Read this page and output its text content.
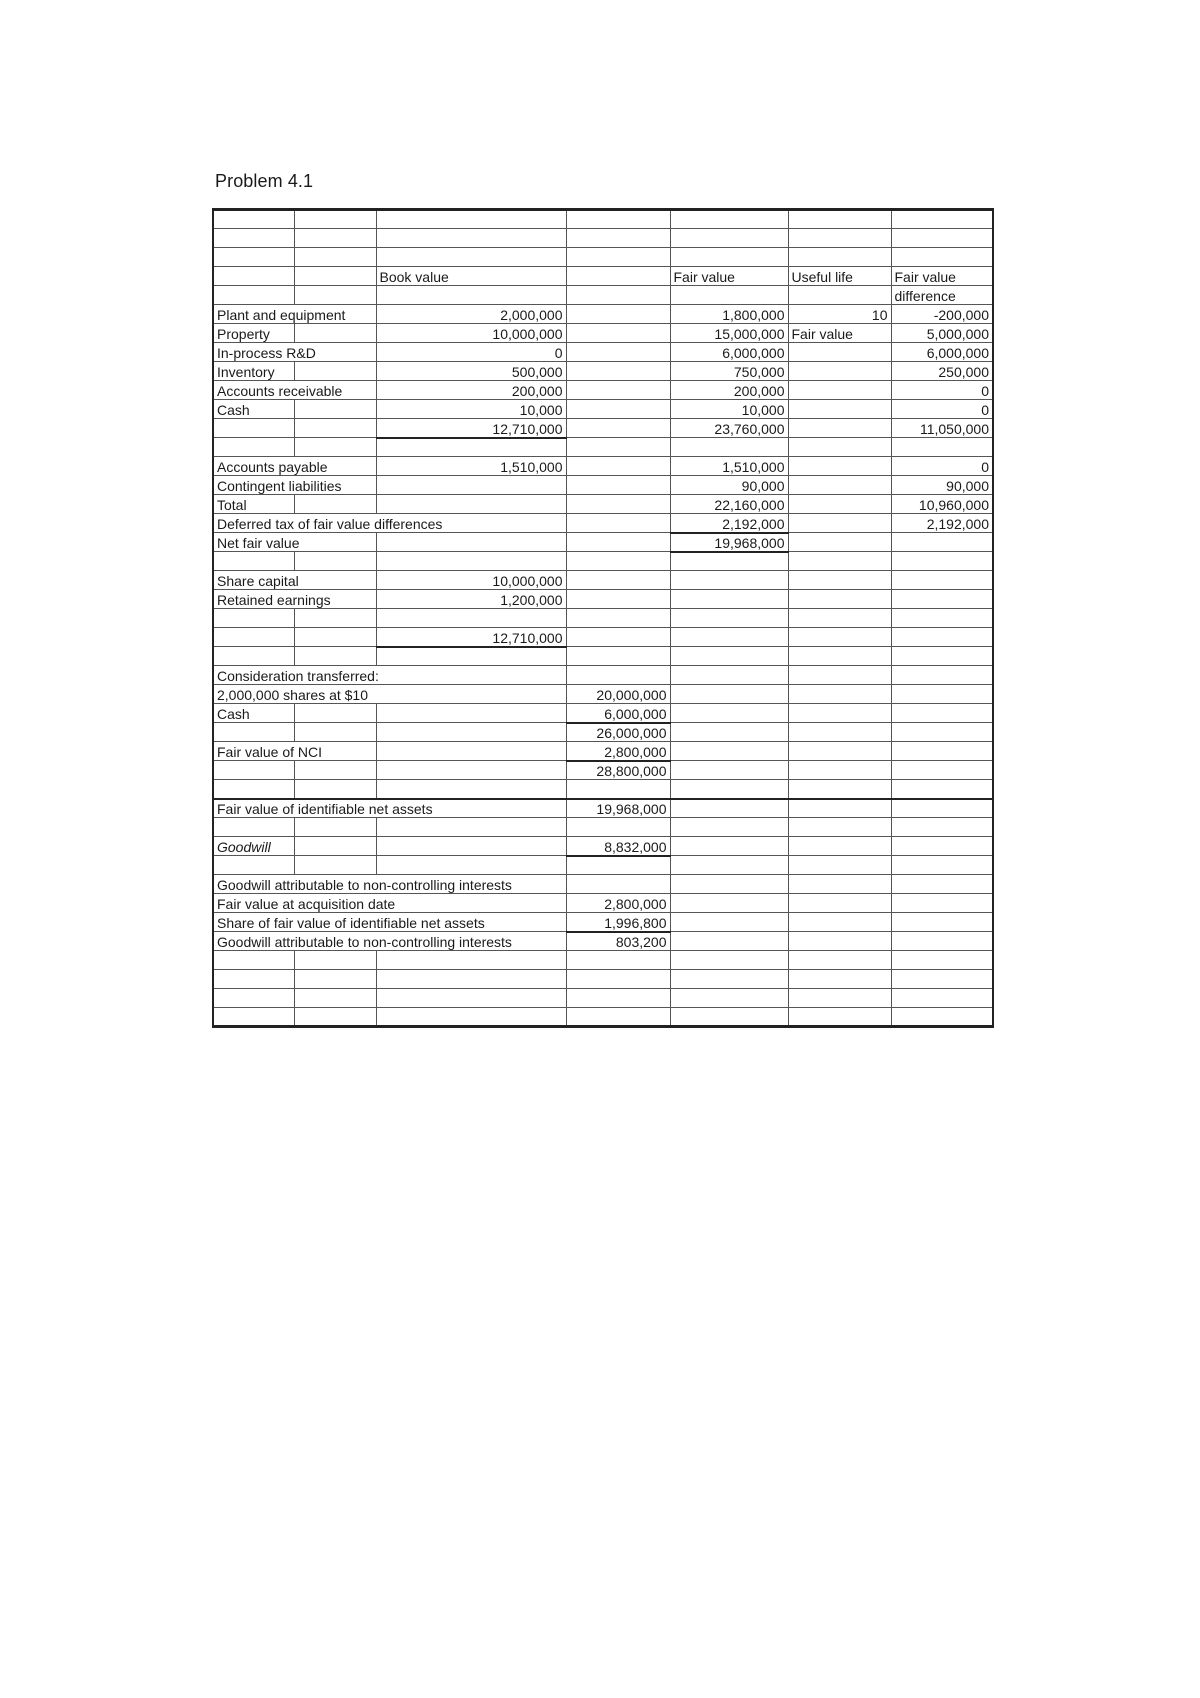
Problem 4.1

		Book value		Fair value	Useful life	Fair value
						difference
Plant and equipment		2,000,000		1,800,000	10	-200,000
Property		10,000,000		15,000,000	Fair value	5,000,000
In-process R&D		0		6,000,000		6,000,000
Inventory		500,000		750,000		250,000
Accounts receivable		200,000		200,000		0
Cash		10,000		10,000		0
		12,710,000		23,760,000		11,050,000

Accounts payable		1,510,000		1,510,000		0
Contingent liabilities				90,000		90,000
Total				22,160,000		10,960,000
Deferred tax of fair value differences				2,192,000		2,192,000
Net fair value				19,968,000		

Share capital		10,000,000				
Retained earnings		1,200,000				

		12,710,000				

Consideration transferred:						
2,000,000 shares at $10			20,000,000			
Cash			6,000,000			
			26,000,000			
Fair value of NCI			2,800,000			
			28,800,000			

Fair value of identifiable net assets			19,968,000			

Goodwill			8,832,000			

Goodwill attributable to non-controlling interests						
Fair value at acquisition date			2,800,000			
Share of fair value of identifiable net assets			1,996,800			
Goodwill attributable to non-controlling interests			803,200			
